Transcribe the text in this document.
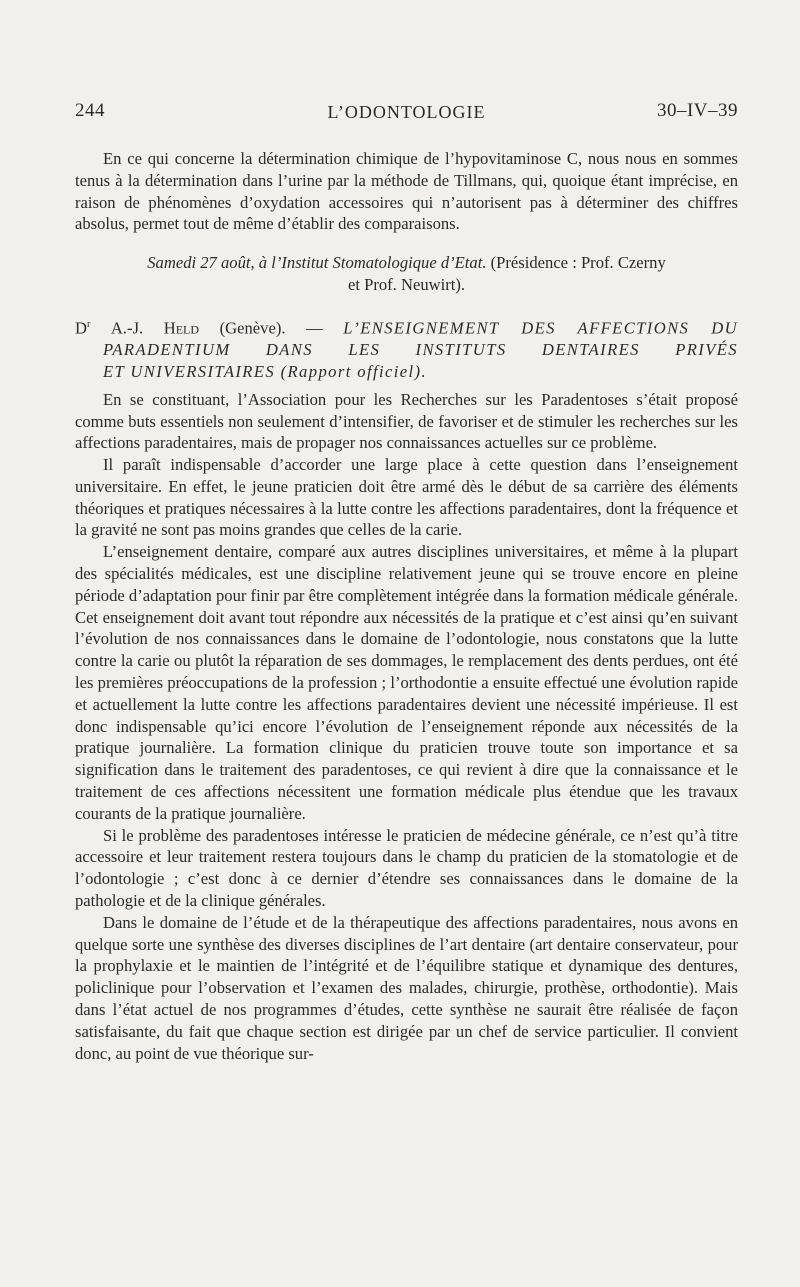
244	L’ODONTOLOGIE	30–IV–39

En ce qui concerne la détermination chimique de l’hypovitaminose C, nous nous en sommes tenus à la détermination dans l’urine par la méthode de Tillmans, qui, quoique étant imprécise, en raison de phénomènes d’oxydation accessoires qui n’autorisent pas à déterminer des chiffres absolus, permet tout de même d’établir des comparaisons.

Samedi 27 août, à l’Institut Stomatologique d’Etat. (Présidence : Prof. Czerny
et Prof. Neuwirt).
$D^r$ A.-J. Held (Genève). — L’ENSEIGNEMENT DES AFFECTIONS DU
PARADENTIUM DANS LES INSTITUTS DENTAIRES PRIVÉS
ET UNIVERSITAIRES (Rapport officiel).

En se constituant, l’Association pour les Recherches sur les Paradentoses s’était proposé comme buts essentiels non seulement d’intensifier, de favoriser et de stimuler les recherches sur les affections paradentaires, mais de propager nos connaissances actuelles sur ce problème.

Il paraît indispensable d’accorder une large place à cette question dans l’enseignement universitaire. En effet, le jeune praticien doit être armé dès le début de sa carrière des éléments théoriques et pratiques nécessaires à la lutte contre les affections paradentaires, dont la fréquence et la gravité ne sont pas moins grandes que celles de la carie.

L’enseignement dentaire, comparé aux autres disciplines universitaires, et même à la plupart des spécialités médicales, est une discipline relativement jeune qui se trouve encore en pleine période d’adaptation pour finir par être complètement intégrée dans la formation médicale générale. Cet enseignement doit avant tout répondre aux nécessités de la pratique et c’est ainsi qu’en suivant l’évolution de nos connaissances dans le domaine de l’odontologie, nous constatons que la lutte contre la carie ou plutôt la réparation de ses dommages, le remplacement des dents perdues, ont été les premières préoccupations de la profession ; l’orthodontie a ensuite effectué une évolution rapide et actuellement la lutte contre les affections paradentaires devient une nécessité impérieuse. Il est donc indispensable qu’ici encore l’évolution de l’enseignement réponde aux nécessités de la pratique journalière. La formation clinique du praticien trouve toute son importance et sa signification dans le traitement des paradentoses, ce qui revient à dire que la connaissance et le traitement de ces affections nécessitent une formation médicale plus étendue que les travaux courants de la pratique journalière.

Si le problème des paradentoses intéresse le praticien de médecine générale, ce n’est qu’à titre accessoire et leur traitement restera toujours dans le champ du praticien de la stomatologie et de l’odontologie ; c’est donc à ce dernier d’étendre ses connaissances dans le domaine de la pathologie et de la clinique générales.

Dans le domaine de l’étude et de la thérapeutique des affections paradentaires, nous avons en quelque sorte une synthèse des diverses disciplines de l’art dentaire (art dentaire conservateur, pour la prophylaxie et le maintien de l’intégrité et de l’équilibre statique et dynamique des dentures, policlinique pour l’observation et l’examen des malades, chirurgie, prothèse, orthodontie). Mais dans l’état actuel de nos programmes d’études, cette synthèse ne saurait être réalisée de façon satisfaisante, du fait que chaque section est dirigée par un chef de service particulier. Il convient donc, au point de vue théorique sur-
